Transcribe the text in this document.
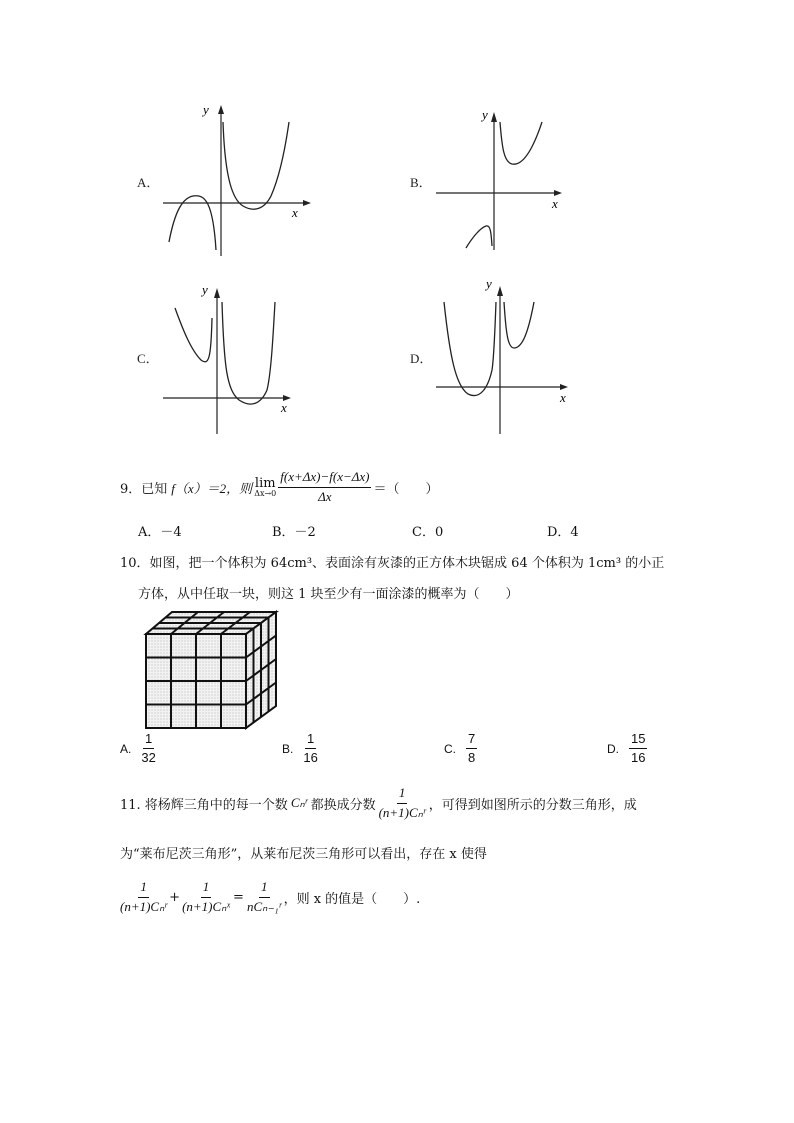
A．
y
x
B．
y
x
C．
y
x
D．
y
x
9． 已知 f（x）＝2，则 lim
$\Delta x\to 0 \frac{f(x+\Delta x)-f(x-\Delta x)}{\Delta x}$ ＝（　　）
A．－4	B．－2	C．0	D．4
10．如图，把一个体积为 64cm³、表面涂有灰漆的正方体木块锯成 64 个体积为 1cm³ 的小正
方体，从中任取一块，则这 1 块至少有一面涂漆的概率为（　　）
A. $\frac{1}{32}$	B. $\frac{1}{16}$	C. $\frac{7}{8}$	D. $\frac{15}{16}$
11. 将杨辉三角中的每一个数 Cₙʳ 都换成分数 $\frac{1}{\text{(n+1)Cₙʳ}}$ ，可得到如图所示的分数三角形，成
为“莱布尼茨三角形”，从莱布尼茨三角形可以看出，存在 x 使得
$\frac{1}{\text{(n+1)Cₙʳ}} + \frac{1}{\text{(n+1)Cₙˣ}} = \frac{1}{\text{nCₙ₋₁ʳ}}$ ，则 x 的值是（　　）.
